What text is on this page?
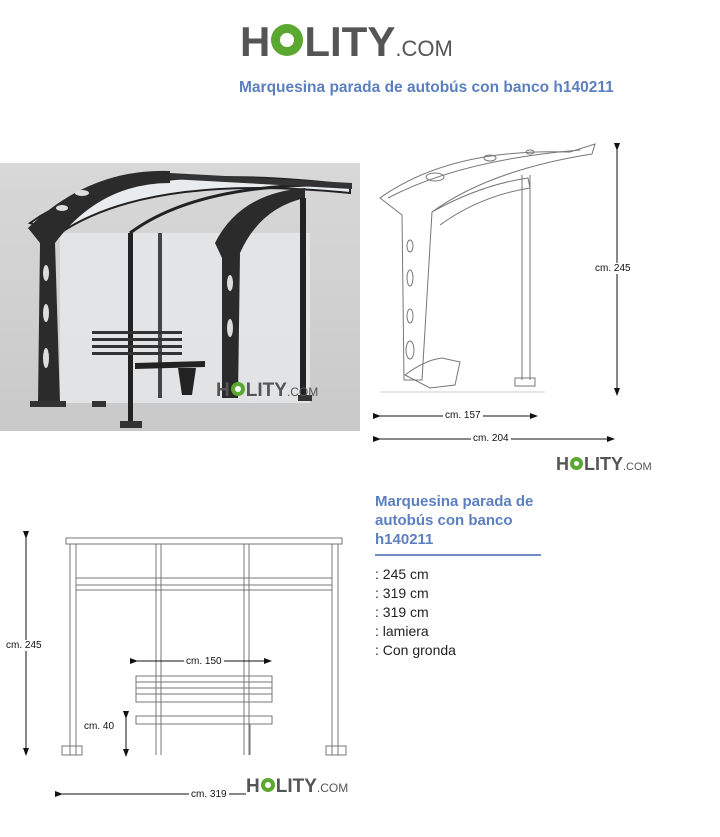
H LITY .COM
Marquesina parada de autobús con banco h140211
H LITY .COM
cm. 245
cm. 157
cm. 204
H LITY .COM
cm. 245
cm. 150
cm. 40
cm. 319 H LITY .COM
Marquesina parada de autobús con banco h140211
: 245 cm
: 319 cm
: 319 cm
: lamiera
: Con gronda
